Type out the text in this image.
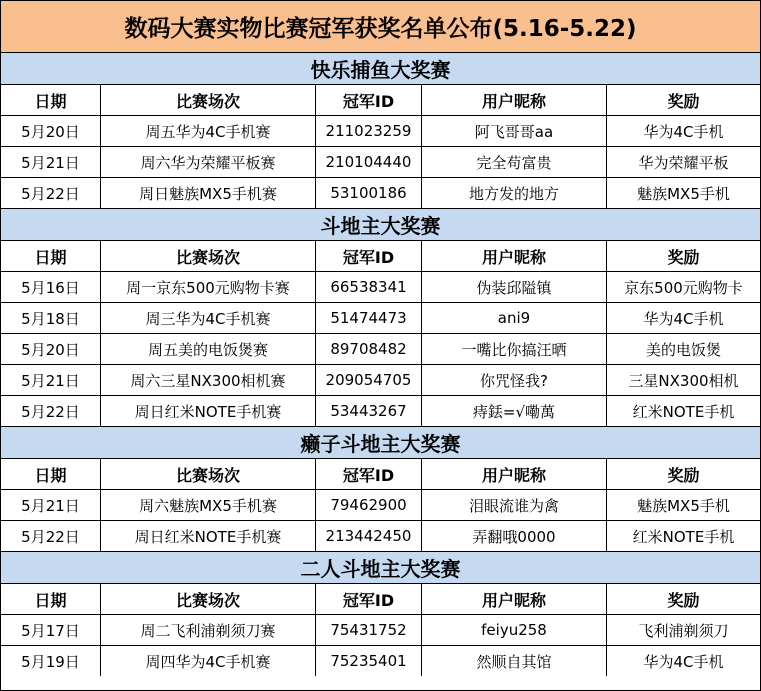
数码大赛实物比赛冠军获奖名单公布(5.16-5.22)
快乐捕鱼大奖赛
日期	比赛场次	冠军ID	用户昵称	奖励
5月20日	周五华为4C手机赛	211023259	阿飞哥哥aa	华为4C手机
5月21日	周六华为荣耀平板赛	210104440	完全苟富贵	华为荣耀平板
5月22日	周日魅族MX5手机赛	53100186	地方发的地方	魅族MX5手机
斗地主大奖赛
日期	比赛场次	冠军ID	用户昵称	奖励
5月16日	周一京东500元购物卡赛	66538341	伪装邱隘镇	京东500元购物卡
5月18日	周三华为4C手机赛	51474473	ani9	华为4C手机
5月20日	周五美的电饭煲赛	89708482	一嘴比你搞汪晒	美的电饭煲
5月21日	周六三星NX300相机赛	209054705	你咒怪我?	三星NX300相机
5月22日	周日红米NOTE手机赛	53443267	痔銩=√嘞萬	红米NOTE手机
癞子斗地主大奖赛
日期	比赛场次	冠军ID	用户昵称	奖励
5月21日	周六魅族MX5手机赛	79462900	泪眼流谁为禽	魅族MX5手机
5月22日	周日红米NOTE手机赛	213442450	弄翻哦0000	红米NOTE手机
二人斗地主大奖赛
日期	比赛场次	冠军ID	用户昵称	奖励
5月17日	周二飞利浦剃须刀赛	75431752	feiyu258	飞利浦剃须刀
5月19日	周四华为4C手机赛	75235401	然顺自其馆	华为4C手机
